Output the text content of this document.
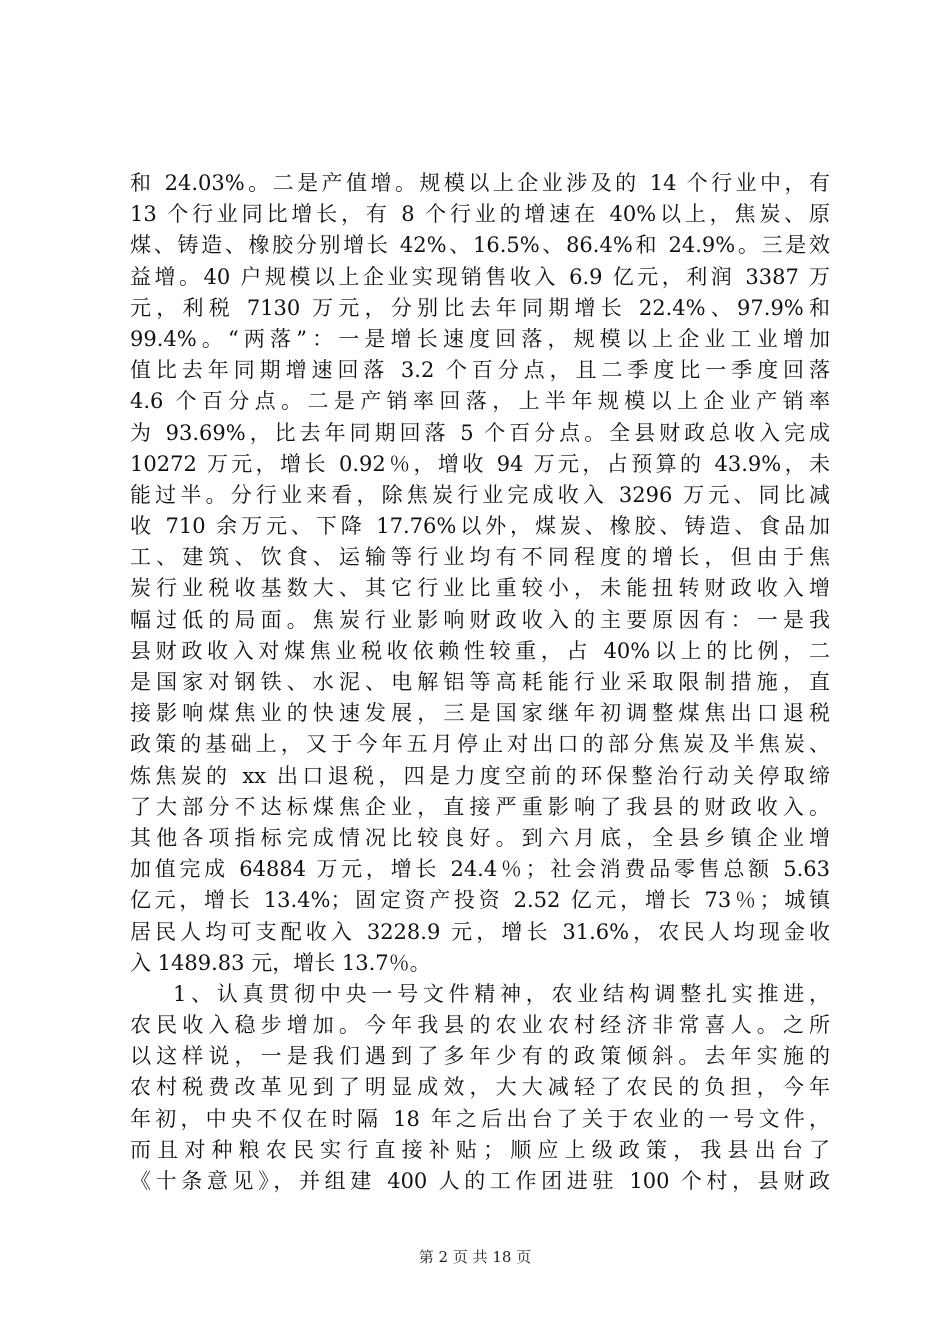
和 24.03%。二是产值增。规模以上企业涉及的 14 个行业中，有
13 个行业同比增长，有 8 个行业的增速在 40%以上，焦炭、原
煤、铸造、橡胶分别增长 42%、16.5%、86.4%和 24.9%。三是效
益增。40 户规模以上企业实现销售收入 6.9 亿元，利润 3387 万
元，利税 7130 万元，分别比去年同期增长 22.4%、97.9%和
99.4%。“两落”：一是增长速度回落，规模以上企业工业增加
值比去年同期增速回落 3.2 个百分点，且二季度比一季度回落
4.6 个百分点。二是产销率回落，上半年规模以上企业产销率
为 93.69%，比去年同期回落 5 个百分点。全县财政总收入完成
10272 万元，增长 0.92％，增收 94 万元，占预算的 43.9%，未
能过半。分行业来看，除焦炭行业完成收入 3296 万元、同比减
收 710 余万元、下降 17.76%以外，煤炭、橡胶、铸造、食品加
工、建筑、饮食、运输等行业均有不同程度的增长，但由于焦
炭行业税收基数大、其它行业比重较小，未能扭转财政收入增
幅过低的局面。焦炭行业影响财政收入的主要原因有：一是我
县财政收入对煤焦业税收依赖性较重，占 40%以上的比例，二
是国家对钢铁、水泥、电解铝等高耗能行业采取限制措施，直
接影响煤焦业的快速发展，三是国家继年初调整煤焦出口退税
政策的基础上，又于今年五月停止对出口的部分焦炭及半焦炭、
炼焦炭的 xx 出口退税，四是力度空前的环保整治行动关停取缔
了大部分不达标煤焦企业，直接严重影响了我县的财政收入。
其他各项指标完成情况比较良好。到六月底，全县乡镇企业增
加值完成 64884 万元，增长 24.4％；社会消费品零售总额 5.63
亿元，增长 13.4%；固定资产投资 2.52 亿元，增长 73％；城镇
居民人均可支配收入 3228.9 元，增长 31.6%，农民人均现金收
入 1489.83 元，增长 13.7％。
1、认真贯彻中央一号文件精神，农业结构调整扎实推进，
农民收入稳步增加。今年我县的农业农村经济非常喜人。之所
以这样说，一是我们遇到了多年少有的政策倾斜。去年实施的
农村税费改革见到了明显成效，大大减轻了农民的负担，今年
年初，中央不仅在时隔 18 年之后出台了关于农业的一号文件，
而且对种粮农民实行直接补贴；顺应上级政策，我县出台了
《十条意见》，并组建 400 人的工作团进驻 100 个村，县财政
第 2 页 共 18 页
